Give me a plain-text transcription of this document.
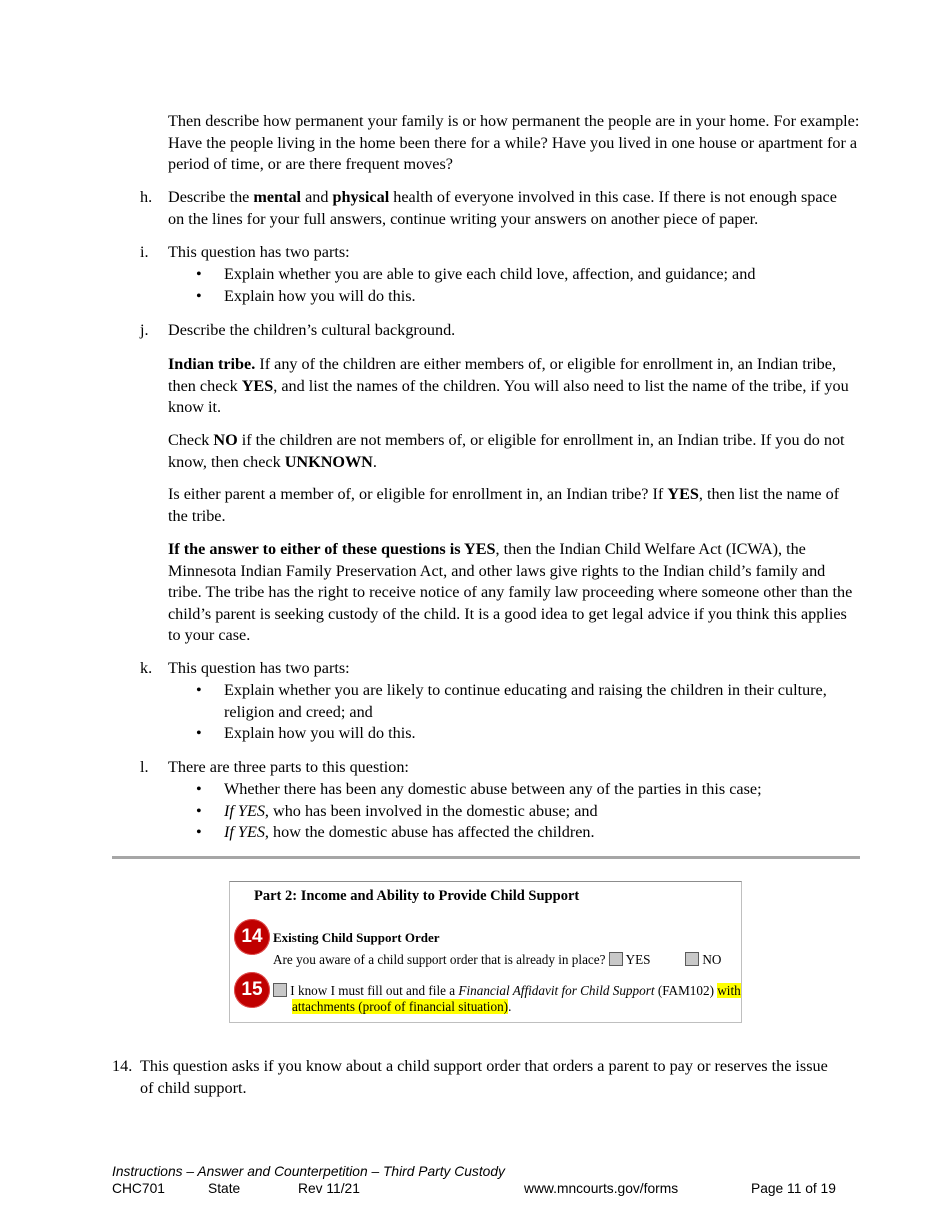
Then describe how permanent your family is or how permanent the people are in your home. For example: Have the people living in the home been there for a while? Have you lived in one house or apartment for a period of time, or are there frequent moves?
h. Describe the mental and physical health of everyone involved in this case. If there is not enough space on the lines for your full answers, continue writing your answers on another piece of paper.
i. This question has two parts:
• Explain whether you are able to give each child love, affection, and guidance; and
• Explain how you will do this.
j. Describe the children’s cultural background.
Indian tribe. If any of the children are either members of, or eligible for enrollment in, an Indian tribe, then check YES, and list the names of the children. You will also need to list the name of the tribe, if you know it.
Check NO if the children are not members of, or eligible for enrollment in, an Indian tribe. If you do not know, then check UNKNOWN.
Is either parent a member of, or eligible for enrollment in, an Indian tribe? If YES, then list the name of the tribe.
If the answer to either of these questions is YES, then the Indian Child Welfare Act (ICWA), the Minnesota Indian Family Preservation Act, and other laws give rights to the Indian child’s family and tribe. The tribe has the right to receive notice of any family law proceeding where someone other than the child’s parent is seeking custody of the child. It is a good idea to get legal advice if you think this applies to your case.
k. This question has two parts:
• Explain whether you are likely to continue educating and raising the children in their culture, religion and creed; and
• Explain how you will do this.
l. There are three parts to this question:
• Whether there has been any domestic abuse between any of the parties in this case;
• If YES, who has been involved in the domestic abuse; and
• If YES, how the domestic abuse has affected the children.
Part 2: Income and Ability to Provide Child Support
14 Existing Child Support Order
Are you aware of a child support order that is already in place? YES	NO
15	I know I must fill out and file a Financial Affidavit for Child Support (FAM102) with
attachments (proof of financial situation).
14. This question asks if you know about a child support order that orders a parent to pay or reserves the issue of child support.
Instructions – Answer and Counterpetition – Third Party Custody
CHC701	State	Rev 11/21	www.mncourts.gov/forms	Page 11 of 19
